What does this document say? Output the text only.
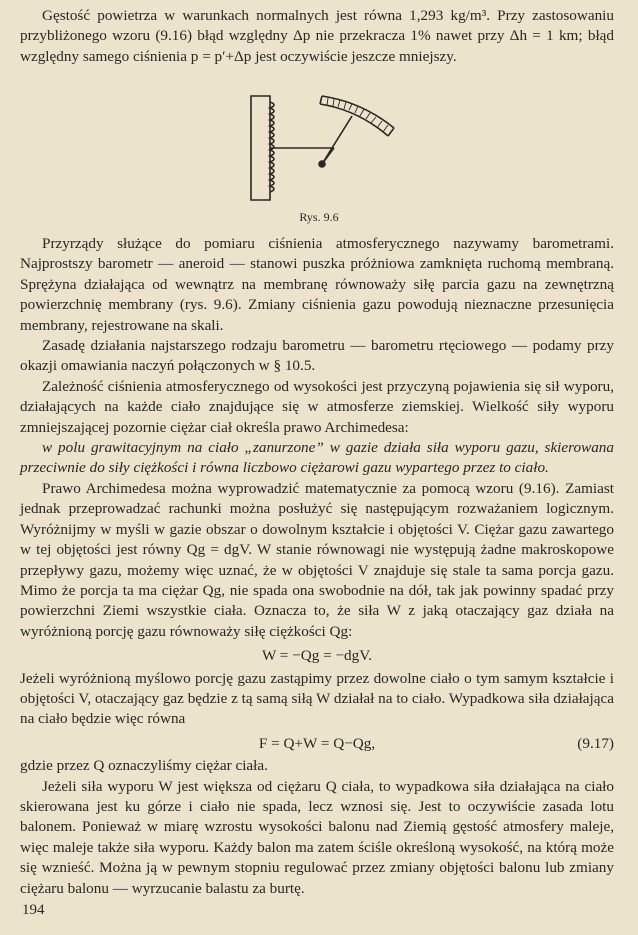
Gęstość powietrza w warunkach normalnych jest równa 1,293 kg/m³. Przy zastosowaniu przybliżonego wzoru (9.16) błąd względny Δp nie przekracza 1% nawet przy Δh = 1 km; błąd względny samego ciśnienia p = p′+Δp jest oczywiście jeszcze mniejszy.

Rys. 9.6

Przyrządy służące do pomiaru ciśnienia atmosferycznego nazywamy barometrami. Najprostszy barometr — aneroid — stanowi puszka próżniowa zamknięta ruchomą membraną. Sprężyna działająca od wewnątrz na membranę równoważy siłę parcia gazu na zewnętrzną powierzchnię membrany (rys. 9.6). Zmiany ciśnienia gazu powodują nieznaczne przesunięcia membrany, rejestrowane na skali.

Zasadę działania najstarszego rodzaju barometru — barometru rtęciowego — podamy przy okazji omawiania naczyń połączonych w § 10.5.

Zależność ciśnienia atmosferycznego od wysokości jest przyczyną pojawienia się sił wyporu, działających na każde ciało znajdujące się w atmosferze ziemskiej. Wielkość siły wyporu zmniejszającej pozornie ciężar ciał określa prawo Archimedesa:

w polu grawitacyjnym na ciało „zanurzone” w gazie działa siła wyporu gazu, skierowana przeciwnie do siły ciężkości i równa liczbowo ciężarowi gazu wypartego przez to ciało.

Prawo Archimedesa można wyprowadzić matematycznie za pomocą wzoru (9.16). Zamiast jednak przeprowadzać rachunki można posłużyć się następującym rozważaniem logicznym. Wyróżnijmy w myśli w gazie obszar o dowolnym kształcie i objętości V. Ciężar gazu zawartego w tej objętości jest równy Qg = dgV. W stanie równowagi nie występują żadne makroskopowe przepływy gazu, możemy więc uznać, że w objętości V znajduje się stale ta sama porcja gazu. Mimo że porcja ta ma ciężar Qg, nie spada ona swobodnie na dół, tak jak powinny spadać przy powierzchni Ziemi wszystkie ciała. Oznacza to, że siła W z jaką otaczający gaz działa na wyróżnioną porcję gazu równoważy siłę ciężkości Qg:

W = −Qg = −dgV.

Jeżeli wyróżnioną myślowo porcję gazu zastąpimy przez dowolne ciało o tym samym kształcie i objętości V, otaczający gaz będzie z tą samą siłą W działał na to ciało. Wypadkowa siła działająca na ciało będzie więc równa

F = Q+W = Q−Qg,	(9.17)

gdzie przez Q oznaczyliśmy ciężar ciała.

Jeżeli siła wyporu W jest większa od ciężaru Q ciała, to wypadkowa siła działająca na ciało skierowana jest ku górze i ciało nie spada, lecz wznosi się. Jest to oczywiście zasada lotu balonem. Ponieważ w miarę wzrostu wysokości balonu nad Ziemią gęstość atmosfery maleje, więc maleje także siła wyporu. Każdy balon ma zatem ściśle określoną wysokość, na którą może się wznieść. Można ją w pewnym stopniu regulować przez zmiany objętości balonu lub zmiany ciężaru balonu — wyrzucanie balastu za burtę.

194
